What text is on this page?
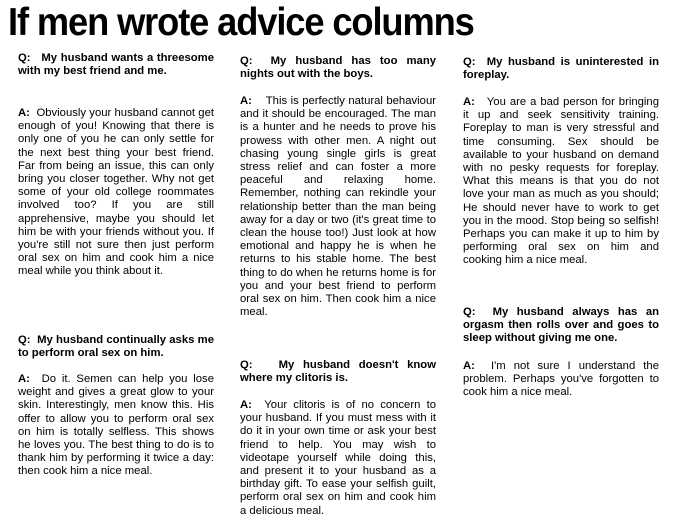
If men wrote advice columns
Q: My husband wants a threesome with my best friend and me.
A: Obviously your husband cannot get enough of you! Knowing that there is only one of you he can only settle for the next best thing your best friend. Far from being an issue, this can only bring you closer together. Why not get some of your old college roommates involved too? If you are still apprehensive, maybe you should let him be with your friends without you. If you're still not sure then just perform oral sex on him and cook him a nice meal while you think about it.
Q: My husband continually asks me to perform oral sex on him.
A: Do it. Semen can help you lose weight and gives a great glow to your skin. Interestingly, men know this. His offer to allow you to perform oral sex on him is totally selfless. This shows he loves you. The best thing to do is to thank him by performing it twice a day: then cook him a nice meal.
Q: My husband has too many nights out with the boys.
A: This is perfectly natural behaviour and it should be encouraged. The man is a hunter and he needs to prove his prowess with other men. A night out chasing young single girls is great stress relief and can foster a more peaceful and relaxing home. Remember, nothing can rekindle your relationship better than the man being away for a day or two (it's great time to clean the house too!) Just look at how emotional and happy he is when he returns to his stable home. The best thing to do when he returns home is for you and your best friend to perform oral sex on him. Then cook him a nice meal.
Q: My husband doesn't know where my clitoris is.
A: Your clitoris is of no concern to your husband. If you must mess with it do it in your own time or ask your best friend to help. You may wish to videotape yourself while doing this, and present it to your husband as a birthday gift. To ease your selfish guilt, perform oral sex on him and cook him a delicious meal.
Q: My husband is uninterested in foreplay.
A: You are a bad person for bringing it up and seek sensitivity training. Foreplay to man is very stressful and time consuming. Sex should be available to your husband on demand with no pesky requests for foreplay. What this means is that you do not love your man as much as you should; He should never have to work to get you in the mood. Stop being so selfish! Perhaps you can make it up to him by performing oral sex on him and cooking him a nice meal.
Q: My husband always has an orgasm then rolls over and goes to sleep without giving me one.
A: I'm not sure I understand the problem. Perhaps you've forgotten to cook him a nice meal.
